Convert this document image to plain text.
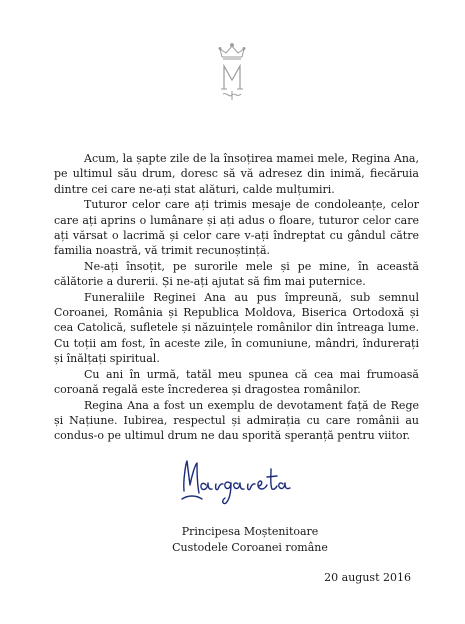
Acum, la șapte zile de la însoțirea mamei mele, Regina Ana, pe ultimul său drum, doresc să vă adresez din inimă, fiecăruia dintre cei care ne-ați stat alături, calde mulțumiri.

Tuturor celor care ați trimis mesaje de condoleanțe, celor care ați aprins o lumânare și ați adus o floare, tuturor celor care ați vărsat o lacrimă și celor care v-ați îndreptat cu gândul către familia noastră, vă trimit recunoștință.

Ne-ați însoțit, pe surorile mele și pe mine, în această călătorie a durerii. Și ne-ați ajutat să fim mai puternice.

Funeraliile Reginei Ana au pus împreună, sub semnul Coroanei, România și Republica Moldova, Biserica Ortodoxă și cea Catolică, sufletele și năzuințele românilor din întreaga lume. Cu toții am fost, în aceste zile, în comuniune, mândri, îndurerați și înălțați spiritual.

Cu ani în urmă, tatăl meu spunea că cea mai frumoasă coroană regală este încrederea și dragostea românilor.

Regina Ana a fost un exemplu de devotament față de Rege și Națiune. Iubirea, respectul și admirația cu care românii au condus-o pe ultimul drum ne dau sporită speranță pentru viitor.

Principesa Moștenitoare
Custodele Coroanei române
20 august 2016
